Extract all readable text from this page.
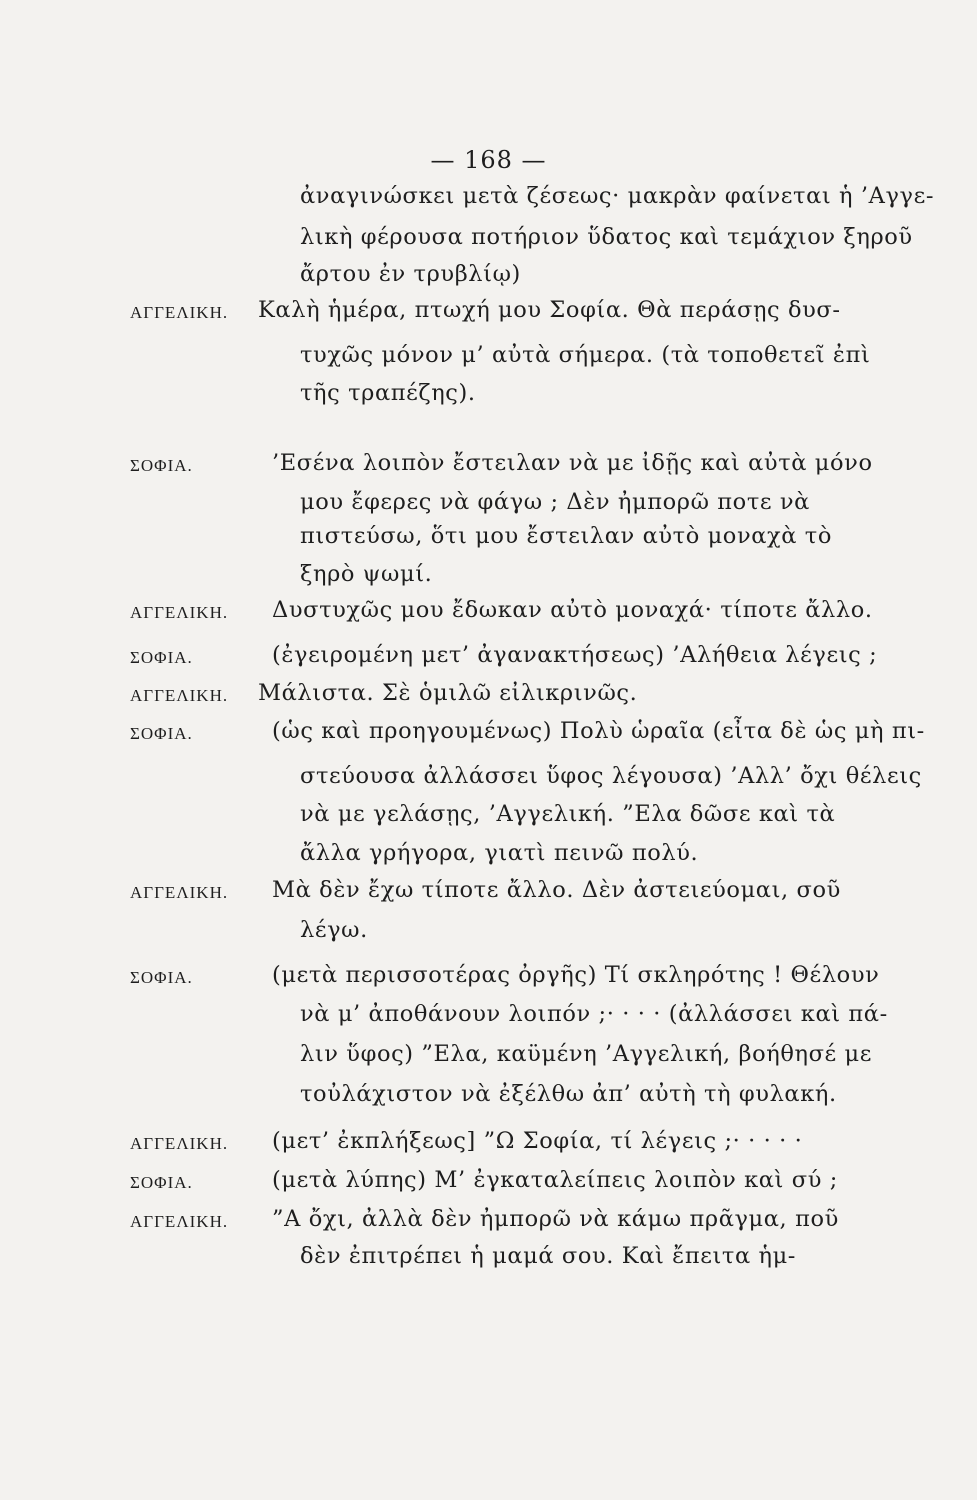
— 168 —
ἀναγινώσκει μετὰ ζέσεως· μακρὰν φαίνεται ἡ ’Αγγε-
λικὴ φέρουσα ποτήριον ὕδατος καὶ τεμάχιον ξηροῦ
ἄρτου ἐν τρυβλίῳ)
ΑΓΓΕΛΙΚΗ. Καλὴ ἡμέρα, πτωχή μου Σοφία. Θὰ περάσῃς δυσ-
τυχῶς μόνον μ’ αὐτὰ σήμερα. (τὰ τοποθετεῖ ἐπὶ
τῆς τραπέζης).
ΣΟΦΙΑ.	’Εσένα λοιπὸν ἔστειλαν νὰ με ἰδῇς καὶ αὐτὰ μόνο
μου ἔφερες νὰ φάγω ; Δὲν ἠμπορῶ ποτε νὰ
πιστεύσω, ὅτι μου ἔστειλαν αὐτὸ μοναχὰ τὸ
ξηρὸ ψωμί.
ΑΓΓΕΛΙΚΗ. Δυστυχῶς μου ἔδωκαν αὐτὸ μοναχά· τίποτε ἄλλο.
ΣΟΦΙΑ.	(ἐγειρομένη μετ’ ἀγανακτήσεως) ’Αλήθεια λέγεις ;
ΑΓΓΕΛΙΚΗ. Μάλιστα. Σὲ ὁμιλῶ εἰλικρινῶς.
ΣΟΦΙΑ.	(ὡς καὶ προηγουμένως) Πολὺ ὡραῖα (εἶτα δὲ ὡς μὴ πι-
στεύουσα ἀλλάσσει ὕφος λέγουσα) ’Αλλ’ ὄχι θέλεις
νὰ με γελάσῃς, ’Αγγελική. ”Ελα δῶσε καὶ τὰ
ἄλλα γρήγορα, γιατὶ πεινῶ πολύ.
ΑΓΓΕΛΙΚΗ. Μὰ δὲν ἔχω τίποτε ἄλλο. Δὲν ἀστειεύομαι, σοῦ
λέγω.
ΣΟΦΙΑ.	(μετὰ περισσοτέρας ὀργῆς) Τί σκληρότης ! Θέλουν
νὰ μ’ ἀποθάνουν λοιπόν ;· · · · (ἀλλάσσει καὶ πά-
λιν ὕφος) ”Ελα, καϋμένη ’Αγγελική, βοήθησέ με
τοὐλάχιστον νὰ ἐξέλθω ἀπ’ αὐτὴ τὴ φυλακή.
ΑΓΓΕΛΙΚΗ. (μετ’ ἐκπλήξεως] ”Ω Σοφία, τί λέγεις ;· · · · ·
ΣΟΦΙΑ.	(μετὰ λύπης) Μ’ ἐγκαταλείπεις λοιπὸν καὶ σύ ;
ΑΓΓΕΛΙΚΗ. ”Α ὄχι, ἀλλὰ δὲν ἠμπορῶ νὰ κάμω πρᾶγμα, ποῦ
δὲν ἐπιτρέπει ἡ μαμά σου. Καὶ ἔπειτα ἡμ-
